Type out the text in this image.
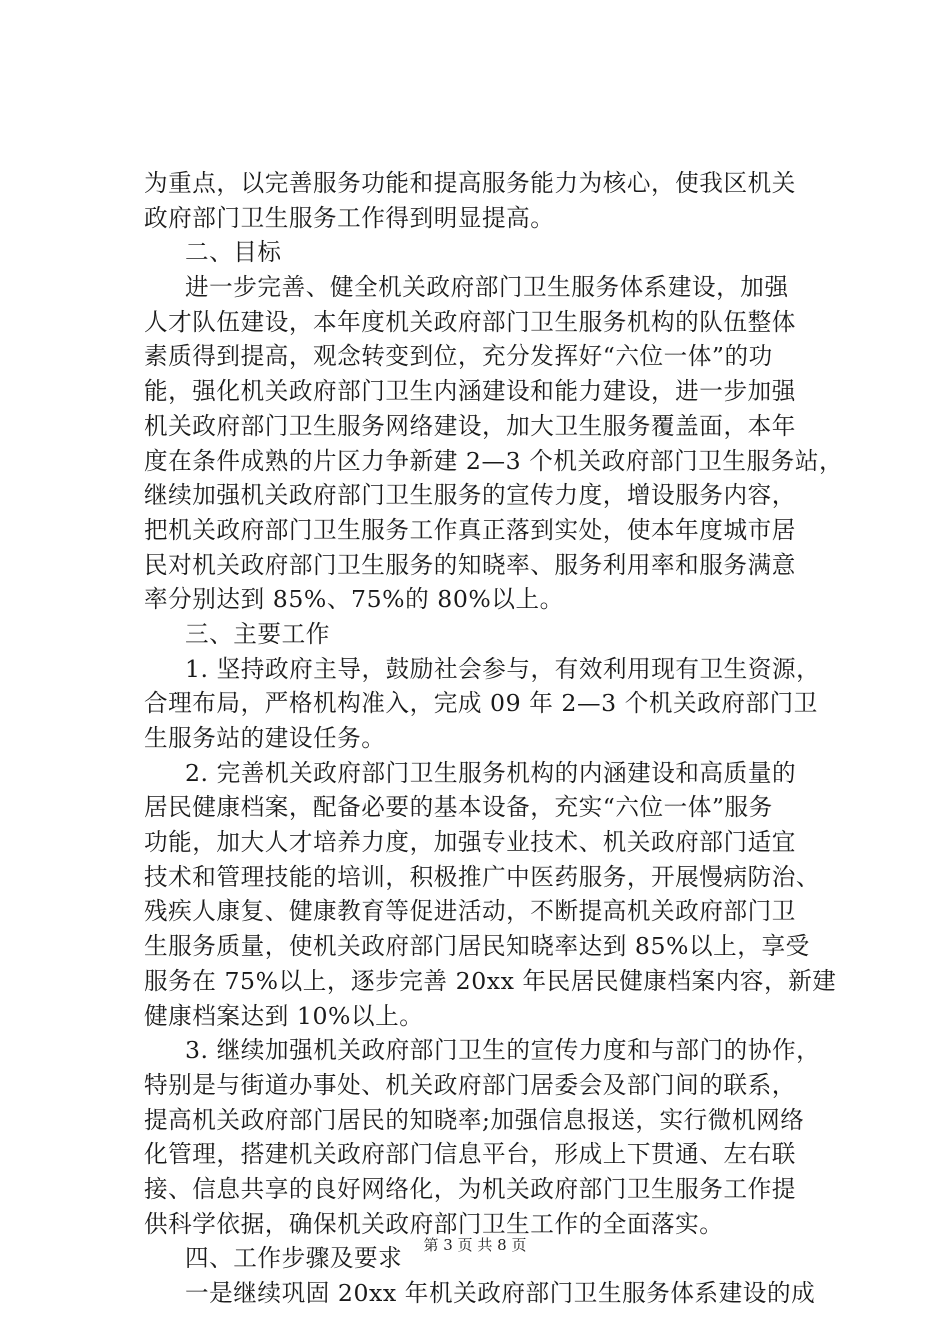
为重点，以完善服务功能和提高服务能力为核心，使我区机关
政府部门卫生服务工作得到明显提高。
二、目标
进一步完善、健全机关政府部门卫生服务体系建设，加强
人才队伍建设，本年度机关政府部门卫生服务机构的队伍整体
素质得到提高，观念转变到位，充分发挥好“六位一体”的功
能，强化机关政府部门卫生内涵建设和能力建设，进一步加强
机关政府部门卫生服务网络建设，加大卫生服务覆盖面，本年
度在条件成熟的片区力争新建 2—3 个机关政府部门卫生服务站，
继续加强机关政府部门卫生服务的宣传力度，增设服务内容，
把机关政府部门卫生服务工作真正落到实处，使本年度城市居
民对机关政府部门卫生服务的知晓率、服务利用率和服务满意
率分别达到 85%、75%的 80%以上。
三、主要工作
1. 坚持政府主导，鼓励社会参与，有效利用现有卫生资源，
合理布局，严格机构准入，完成 09 年 2—3 个机关政府部门卫
生服务站的建设任务。
2. 完善机关政府部门卫生服务机构的内涵建设和高质量的
居民健康档案，配备必要的基本设备，充实“六位一体”服务
功能，加大人才培养力度，加强专业技术、机关政府部门适宜
技术和管理技能的培训，积极推广中医药服务，开展慢病防治、
残疾人康复、健康教育等促进活动，不断提高机关政府部门卫
生服务质量，使机关政府部门居民知晓率达到 85%以上，享受
服务在 75%以上，逐步完善 20xx 年民居民健康档案内容，新建
健康档案达到 10%以上。
3. 继续加强机关政府部门卫生的宣传力度和与部门的协作，
特别是与街道办事处、机关政府部门居委会及部门间的联系，
提高机关政府部门居民的知晓率;加强信息报送，实行微机网络
化管理，搭建机关政府部门信息平台，形成上下贯通、左右联
接、信息共享的良好网络化，为机关政府部门卫生服务工作提
供科学依据，确保机关政府部门卫生工作的全面落实。
四、工作步骤及要求
一是继续巩固 20xx 年机关政府部门卫生服务体系建设的成
第 3 页 共 8 页
